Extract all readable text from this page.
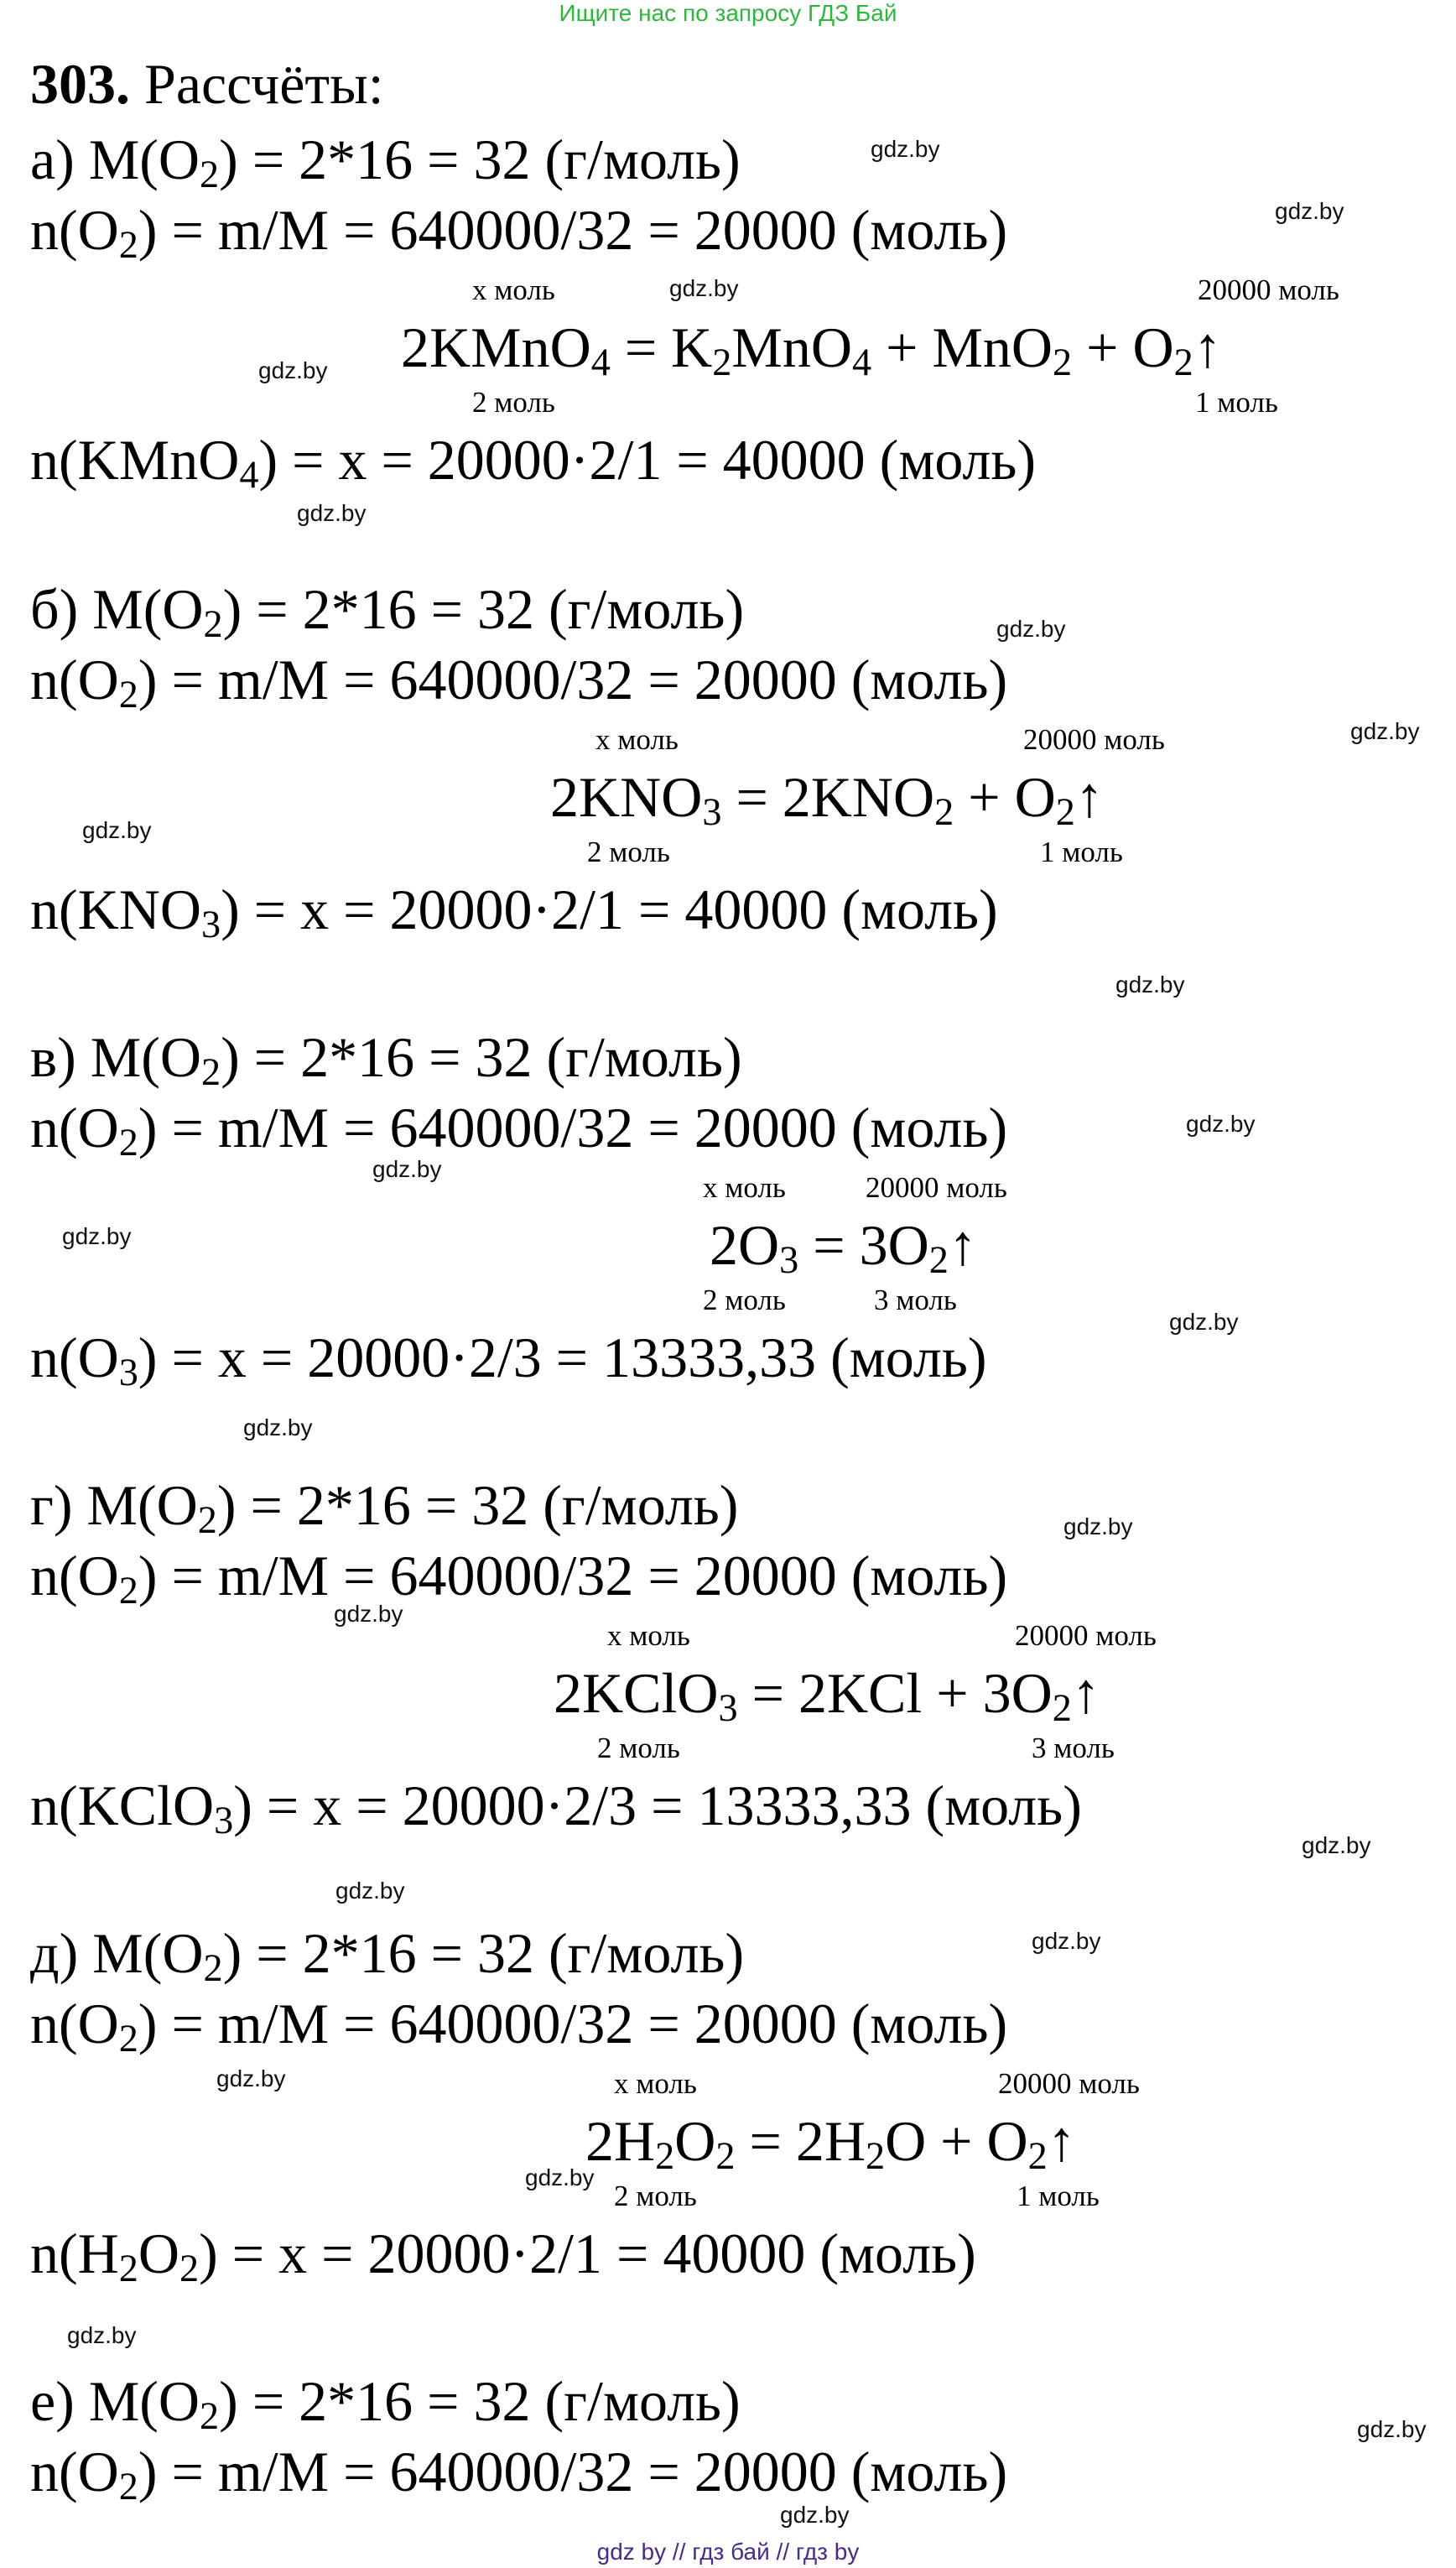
Ищите нас по запросу ГДЗ Бай
303. Рассчёты:
а) $M(O_2) = 2*16 = 32$ (г/моль)
$n(O_2) = m/M = 640000/32 = 20000$ (моль)
x моль	20000 моль
2KMnO$_4$ = $K_2MnO_4 + MnO_2$ + $O_2↑$
2 моль	1 моль
n(KMnO$_4$) = x = 20000·2/1 = 40000 (моль)
б) $M(O_2) = 2*16 = 32$ (г/моль)
$n(O_2) = m/M = 640000/32 = 20000$ (моль)
x моль	20000 моль
$2KNO_3 = 2KNO_2$ + $O_2↑$
2 моль	1 моль
$n(KNO_3) = x = 20000\cdot 2/1 = 40000$ (моль)
в) $M(O_2) = 2*16 = 32$ (г/моль)
$n(O_2) = m/M = 640000/32 = 20000$ (моль)
x моль	20000 моль
$2O_3$ = $3O_2↑$
2 моль	3 моль
$n(O_3) = x = 20000\cdot 2/3 = 13333,33$ (моль)
г) $M(O_2) = 2*16 = 32$ (г/моль)
$n(O_2) = m/M = 640000/32 = 20000$ (моль)
x моль	20000 моль
2KClO$_3$ = $2KCl + 3O_2↑$
2 моль	3 моль
n(KClO$_3$) = x = 20000·2/3 = 13333,33 (моль)
д) $M(O_2) = 2*16 = 32$ (г/моль)
$n(O_2) = m/M = 640000/32 = 20000$ (моль)
x моль	20000 моль
$2H_2O_2 = 2H_2O$ + $O_2↑$
2 моль	1 моль
$n(H_2O_2) = x = 20000\cdot 2/1 = 40000$ (моль)
е) $M(O_2) = 2*16 = 32$ (г/моль)
$n(O_2) = m/M = 640000/32 = 20000$ (моль)
gdz.by
gdz.by
gdz.by
gdz.by
gdz.by
gdz.by
gdz.by
gdz.by
gdz.by
gdz.by
gdz.by
gdz.by
gdz.by
gdz.by
gdz.by
gdz.by
gdz.by
gdz.by
gdz.by
gdz.by
gdz.by
gdz.by
gdz.by
gdz.by
gdz by // гдз бай // гдз by
